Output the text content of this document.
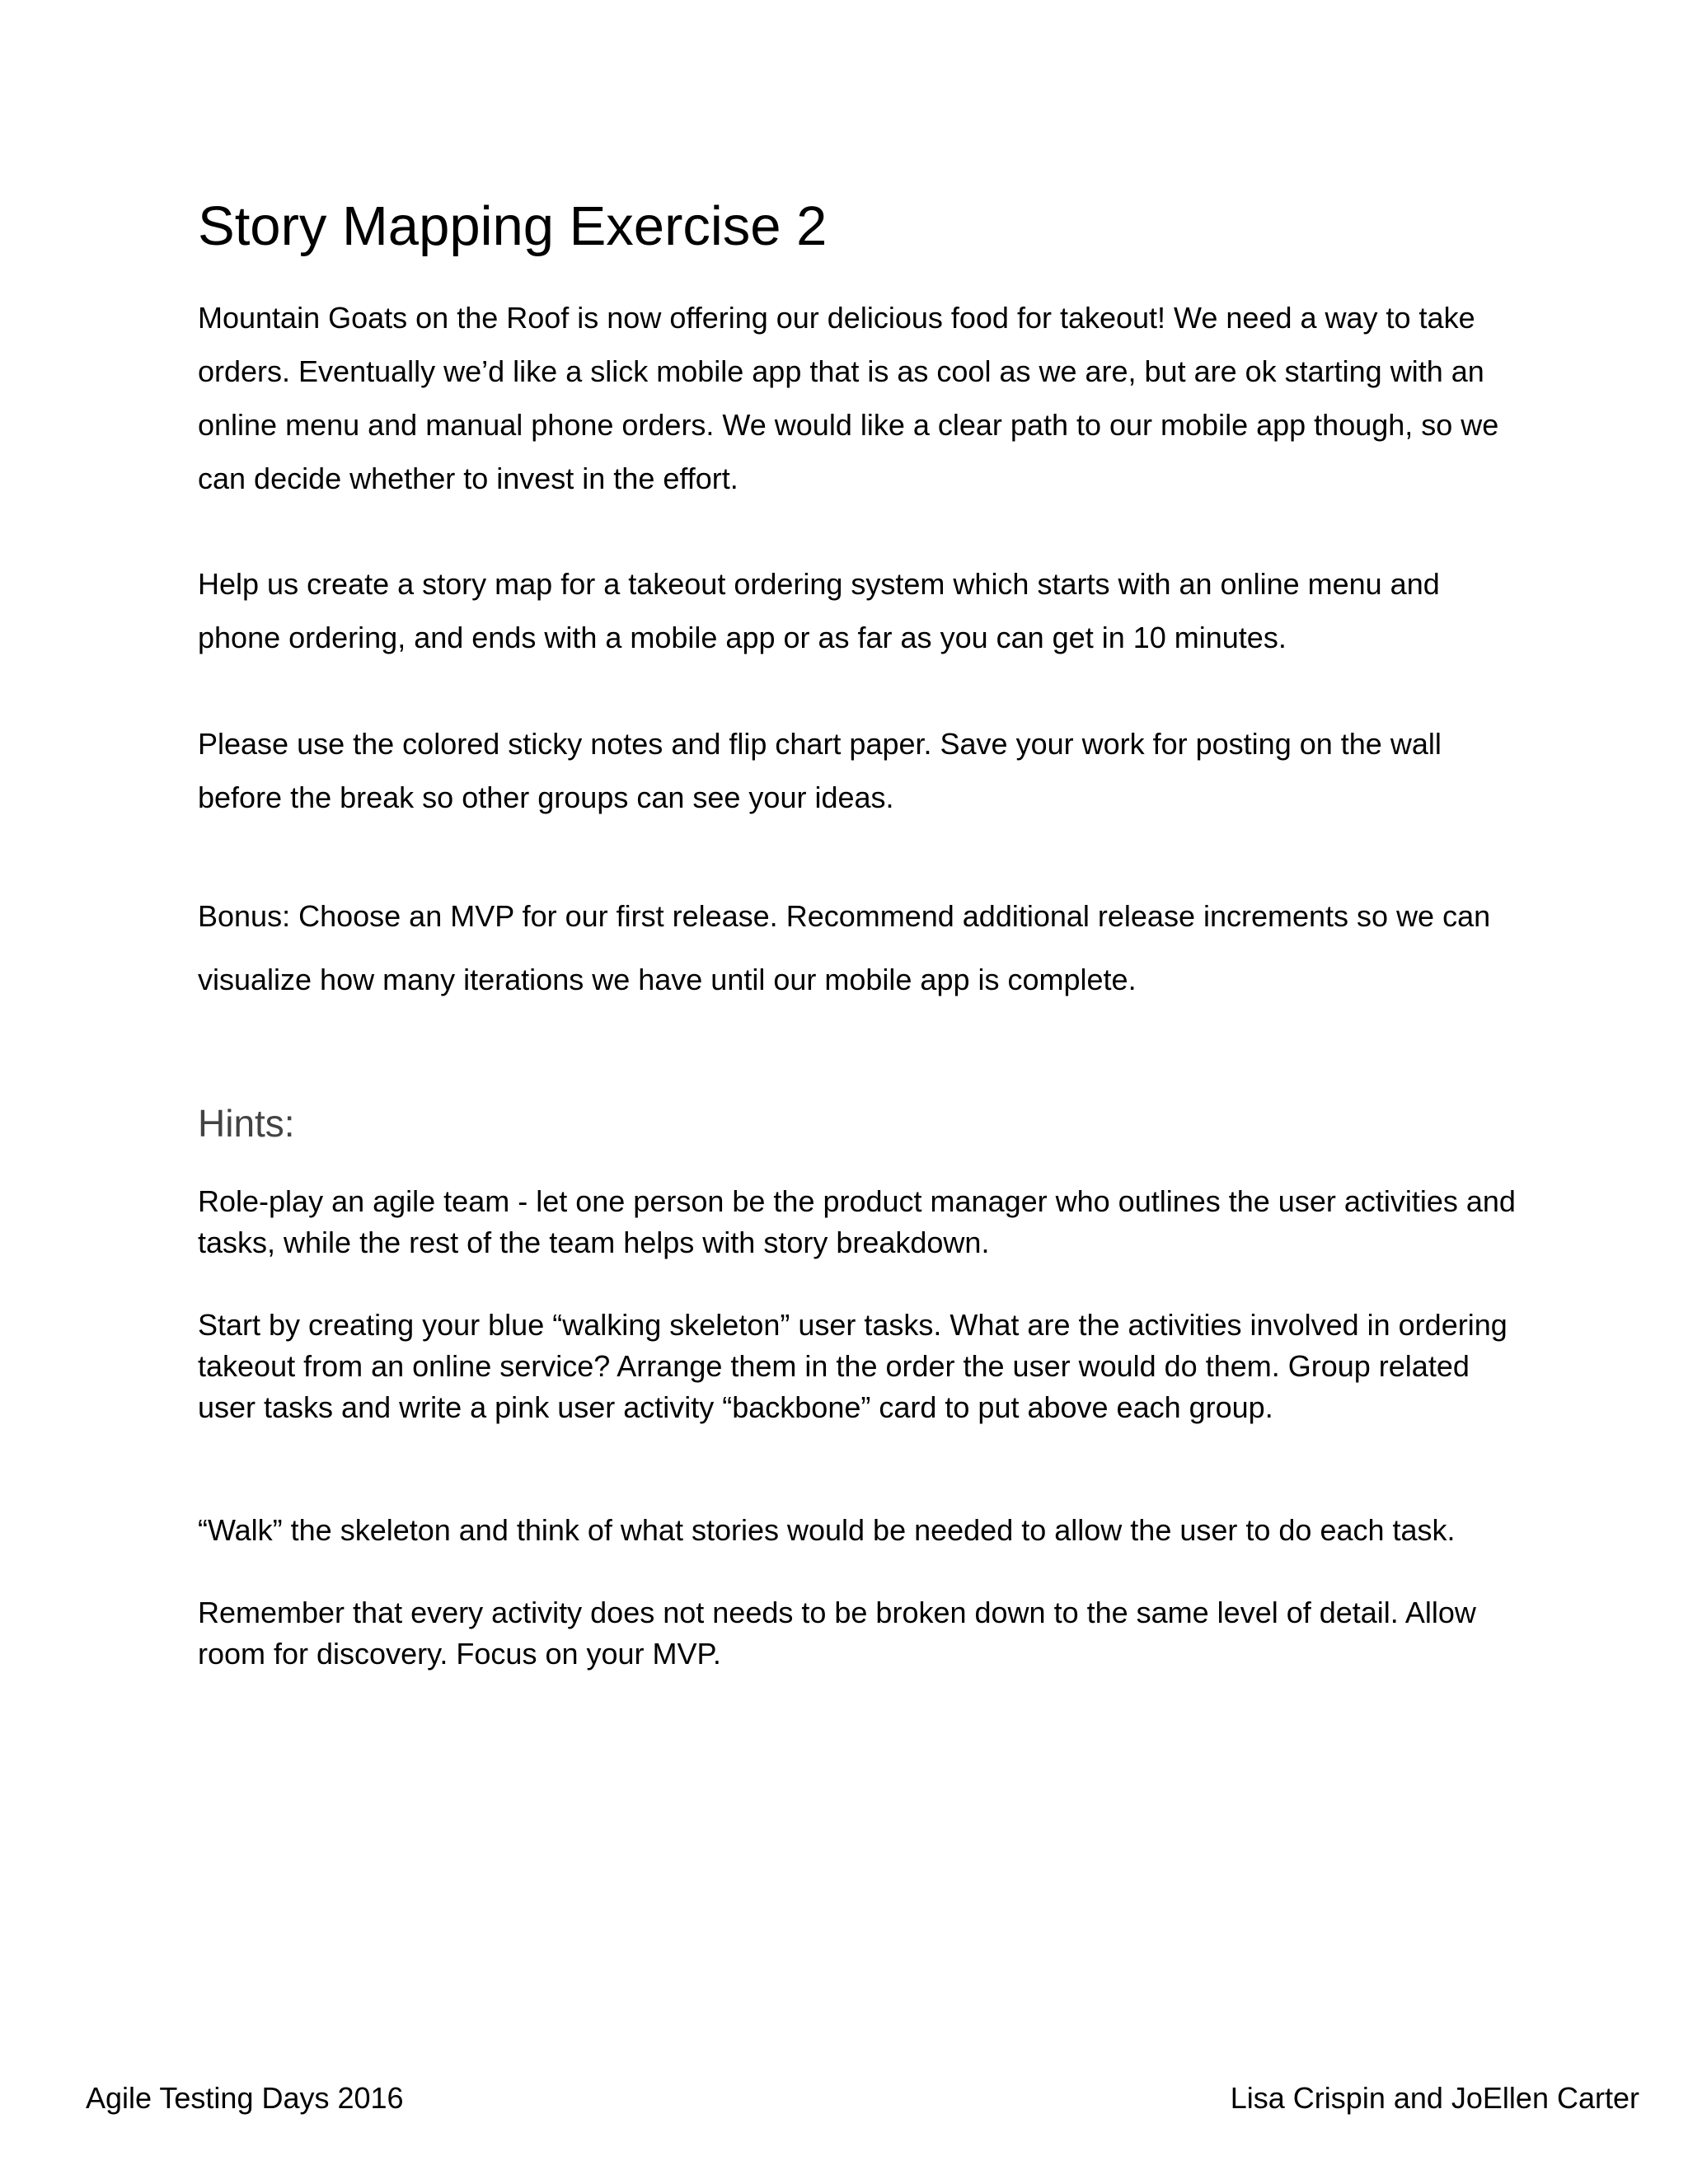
Story Mapping Exercise 2

Mountain Goats on the Roof is now offering our delicious food for takeout! We need a way to take orders. Eventually we’d like a slick mobile app that is as cool as we are, but are ok starting with an online menu and manual phone orders. We would like a clear path to our mobile app though, so we can decide whether to invest in the effort.

Help us create a story map for a takeout ordering system which starts with an online menu and phone ordering, and ends with a mobile app or as far as you can get in 10 minutes.

Please use the colored sticky notes and flip chart paper. Save your work for posting on the wall before the break so other groups can see your ideas.

Bonus: Choose an MVP for our first release. Recommend additional release increments so we can visualize how many iterations we have until our mobile app is complete.

Hints:

Role-play an agile team - let one person be the product manager who outlines the user activities and tasks, while the rest of the team helps with story breakdown.

Start by creating your blue “walking skeleton” user tasks. What are the activities involved in ordering takeout from an online service? Arrange them in the order the user would do them. Group related user tasks and write a pink user activity “backbone” card to put above each group.

“Walk” the skeleton and think of what stories would be needed to allow the user to do each task.

Remember that every activity does not needs to be broken down to the same level of detail. Allow room for discovery. Focus on your MVP.

Agile Testing Days 2016	Lisa Crispin and JoEllen Carter
